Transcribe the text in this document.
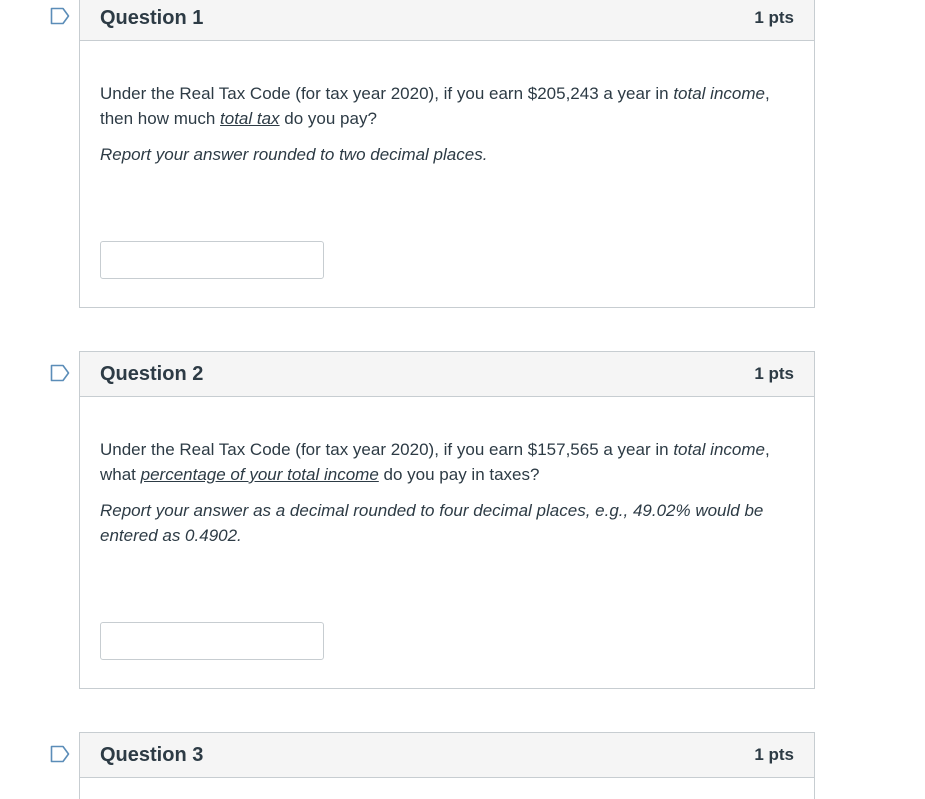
Question 1	1 pts

Under the Real Tax Code (for tax year 2020), if you earn $205,243 a year in total income, then how much total tax do you pay?

Report your answer rounded to two decimal places.

Question 2	1 pts

Under the Real Tax Code (for tax year 2020), if you earn $157,565 a year in total income, what percentage of your total income do you pay in taxes?

Report your answer as a decimal rounded to four decimal places, e.g., 49.02% would be entered as 0.4902.

Question 3	1 pts
